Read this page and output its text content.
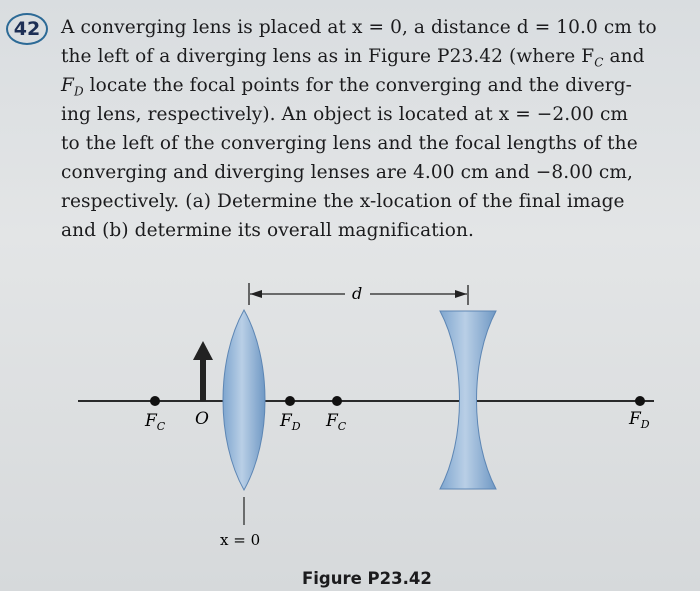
42 A converging lens is placed at x = 0, a distance d = 10.0 cm to
the left of a diverging lens as in Figure P23.42 (where $F_C$ and
$F_D$ locate the focal points for the converging and the diverg-
ing lens, respectively). An object is located at x = −2.00 cm
to the left of the converging lens and the focal lengths of the
converging and diverging lenses are 4.00 cm and −8.00 cm,
respectively. (a) Determine the x-location of the final image
and (b) determine its overall magnification.
d
$F_C$ O	$F_D$ $F_C$	$F_D$
x = 0
Figure P23.42
